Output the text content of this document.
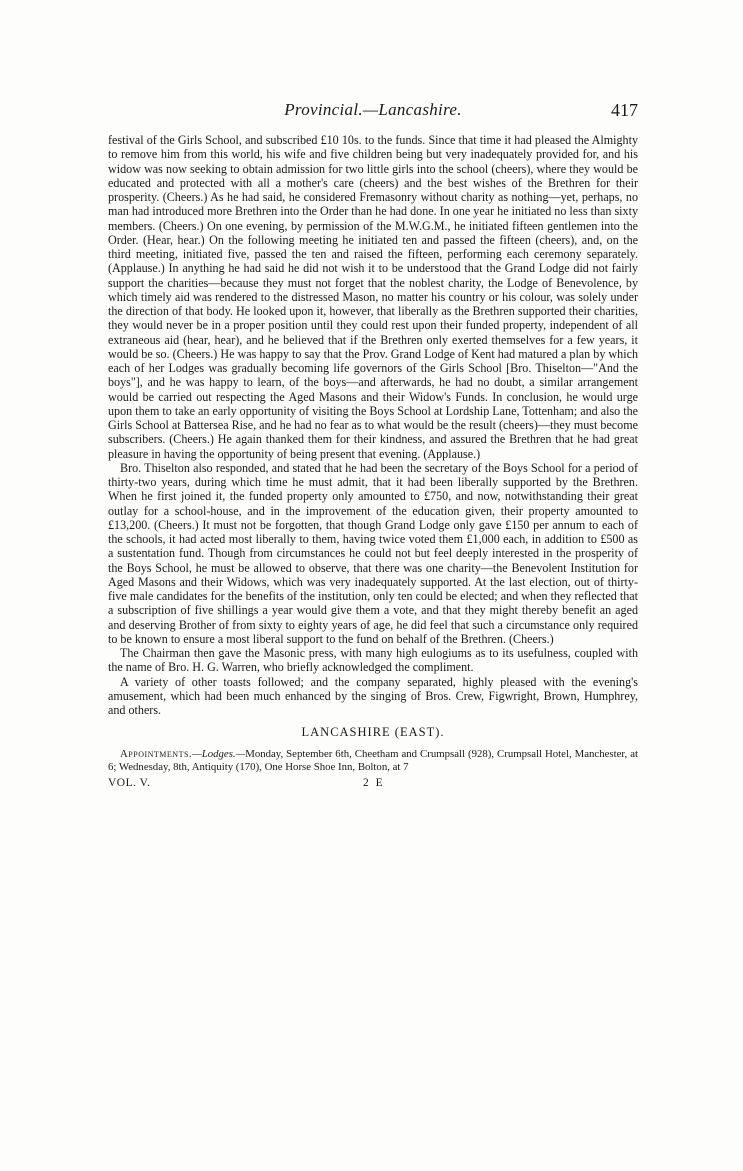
Provincial.—Lancashire.	417

festival of the Girls School, and subscribed £10 10s. to the funds. Since that time it had pleased the Almighty to remove him from this world, his wife and five children being but very inadequately provided for, and his widow was now seeking to obtain admission for two little girls into the school (cheers), where they would be educated and protected with all a mother's care (cheers) and the best wishes of the Brethren for their prosperity. (Cheers.) As he had said, he considered Fremasonry without charity as nothing—yet, perhaps, no man had introduced more Brethren into the Order than he had done. In one year he initiated no less than sixty members. (Cheers.) On one evening, by permission of the M.W.G.M., he initiated fifteen gentlemen into the Order. (Hear, hear.) On the following meeting he initiated ten and passed the fifteen (cheers), and, on the third meeting, initiated five, passed the ten and raised the fifteen, performing each ceremony separately. (Applause.) In anything he had said he did not wish it to be understood that the Grand Lodge did not fairly support the charities—because they must not forget that the noblest charity, the Lodge of Benevolence, by which timely aid was rendered to the distressed Mason, no matter his country or his colour, was solely under the direction of that body. He looked upon it, however, that liberally as the Brethren supported their charities, they would never be in a proper position until they could rest upon their funded property, independent of all extraneous aid (hear, hear), and he believed that if the Brethren only exerted themselves for a few years, it would be so. (Cheers.) He was happy to say that the Prov. Grand Lodge of Kent had matured a plan by which each of her Lodges was gradually becoming life governors of the Girls School [Bro. Thiselton—"And the boys"], and he was happy to learn, of the boys—and afterwards, he had no doubt, a similar arrangement would be carried out respecting the Aged Masons and their Widow's Funds. In conclusion, he would urge upon them to take an early opportunity of visiting the Boys School at Lordship Lane, Tottenham; and also the Girls School at Battersea Rise, and he had no fear as to what would be the result (cheers)—they must become subscribers. (Cheers.) He again thanked them for their kindness, and assured the Brethren that he had great pleasure in having the opportunity of being present that evening. (Applause.)

Bro. Thiselton also responded, and stated that he had been the secretary of the Boys School for a period of thirty-two years, during which time he must admit, that it had been liberally supported by the Brethren. When he first joined it, the funded property only amounted to £750, and now, notwithstanding their great outlay for a school-house, and in the improvement of the education given, their property amounted to £13,200. (Cheers.) It must not be forgotten, that though Grand Lodge only gave £150 per annum to each of the schools, it had acted most liberally to them, having twice voted them £1,000 each, in addition to £500 as a sustentation fund. Though from circumstances he could not but feel deeply interested in the prosperity of the Boys School, he must be allowed to observe, that there was one charity—the Benevolent Institution for Aged Masons and their Widows, which was very inadequately supported. At the last election, out of thirty-five male candidates for the benefits of the institution, only ten could be elected; and when they reflected that a subscription of five shillings a year would give them a vote, and that they might thereby benefit an aged and deserving Brother of from sixty to eighty years of age, he did feel that such a circumstance only required to be known to ensure a most liberal support to the fund on behalf of the Brethren. (Cheers.)

The Chairman then gave the Masonic press, with many high eulogiums as to its usefulness, coupled with the name of Bro. H. G. Warren, who briefly acknowledged the compliment.

A variety of other toasts followed; and the company separated, highly pleased with the evening's amusement, which had been much enhanced by the singing of Bros. Crew, Figwright, Brown, Humphrey, and others.

LANCASHIRE (EAST).

Appointments.—Lodges.—Monday, September 6th, Cheetham and Crumpsall (928), Crumpsall Hotel, Manchester, at 6; Wednesday, 8th, Antiquity (170), One Horse Shoe Inn, Bolton, at 7

VOL. V.	2 E
